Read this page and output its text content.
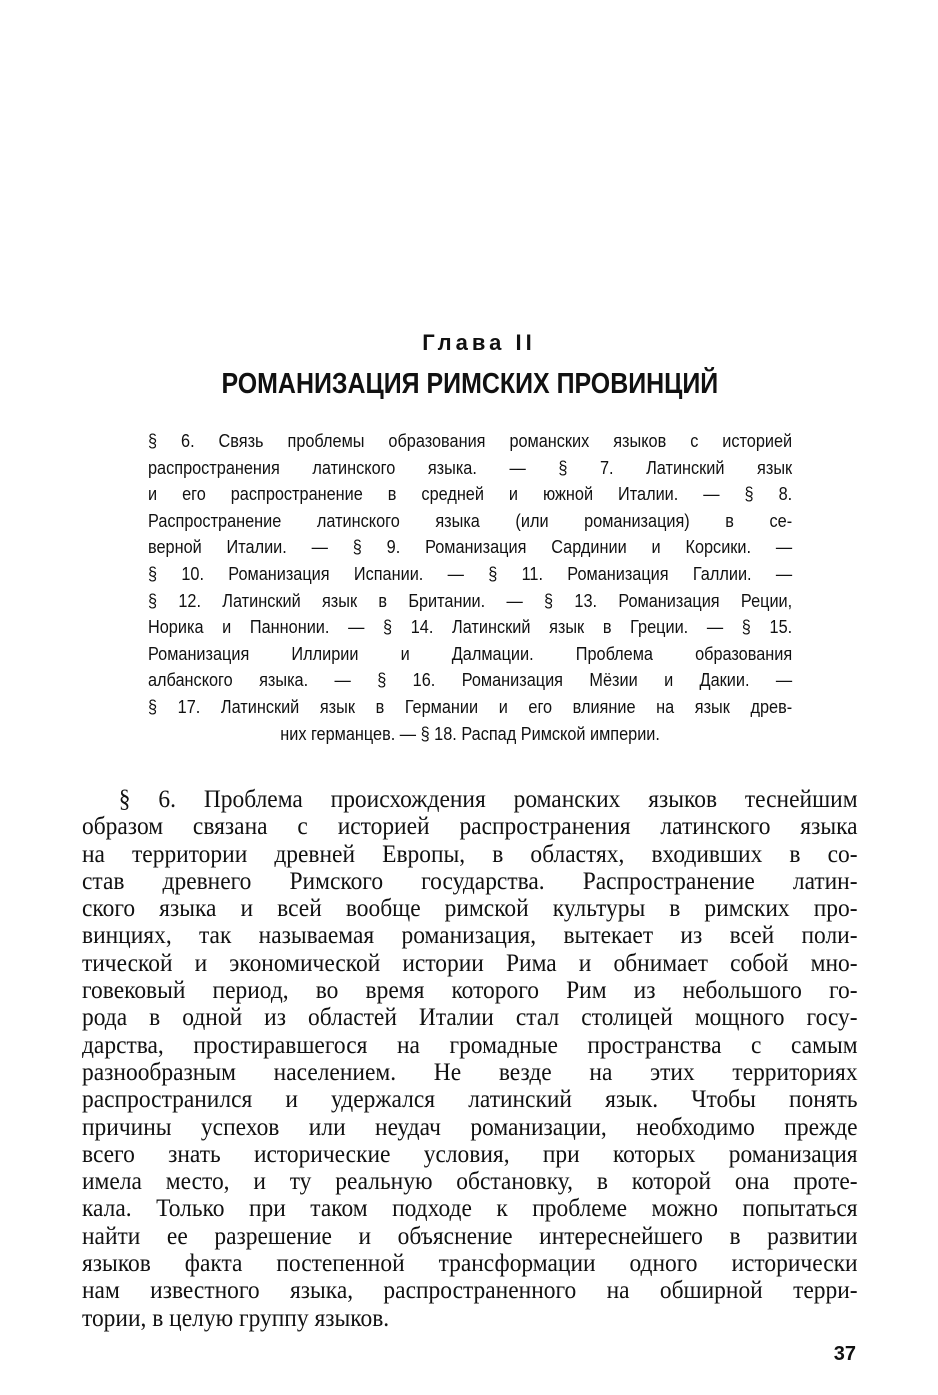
Глава II
РОМАНИЗАЦИЯ РИМСКИХ ПРОВИНЦИЙ
§ 6. Связь проблемы образования романских языков с историей
распространения латинского языка. — § 7. Латинский язык
и его распространение в средней и южной Италии. — § 8.
Распространение латинского языка (или романизация) в се-
верной Италии. — § 9. Романизация Сардинии и Корсики. —
§ 10. Романизация Испании. — § 11. Романизация Галлии. —
§ 12. Латинский язык в Британии. — § 13. Романизация Реции,
Норика и Паннонии. — § 14. Латинский язык в Греции. — § 15.
Романизация Иллирии и Далмации. Проблема образования
албанского языка. — § 16. Романизация Мёзии и Дакии. —
§ 17. Латинский язык в Германии и его влияние на язык древ-
них германцев. — § 18. Распад Римской империи.
§ 6. Проблема происхождения романских языков теснейшим
образом связана с историей распространения латинского языка
на территории древней Европы, в областях, входивших в со-
став древнего Римского государства. Распространение латин-
ского языка и всей вообще римской культуры в римских про-
винциях, так называемая романизация, вытекает из всей поли-
тической и экономической истории Рима и обнимает собой мно-
говековый период, во время которого Рим из небольшого го-
рода в одной из областей Италии стал столицей мощного госу-
дарства, простиравшегося на громадные пространства с самым
разнообразным населением. Не везде на этих территориях
распространился и удержался латинский язык. Чтобы понять
причины успехов или неудач романизации, необходимо прежде
всего знать исторические условия, при которых романизация
имела место, и ту реальную обстановку, в которой она проте-
кала. Только при таком подходе к проблеме можно попытаться
найти ее разрешение и объяснение интереснейшего в развитии
языков факта постепенной трансформации одного исторически
нам известного языка, распространенного на обширной терри-
тории, в целую группу языков.
37
